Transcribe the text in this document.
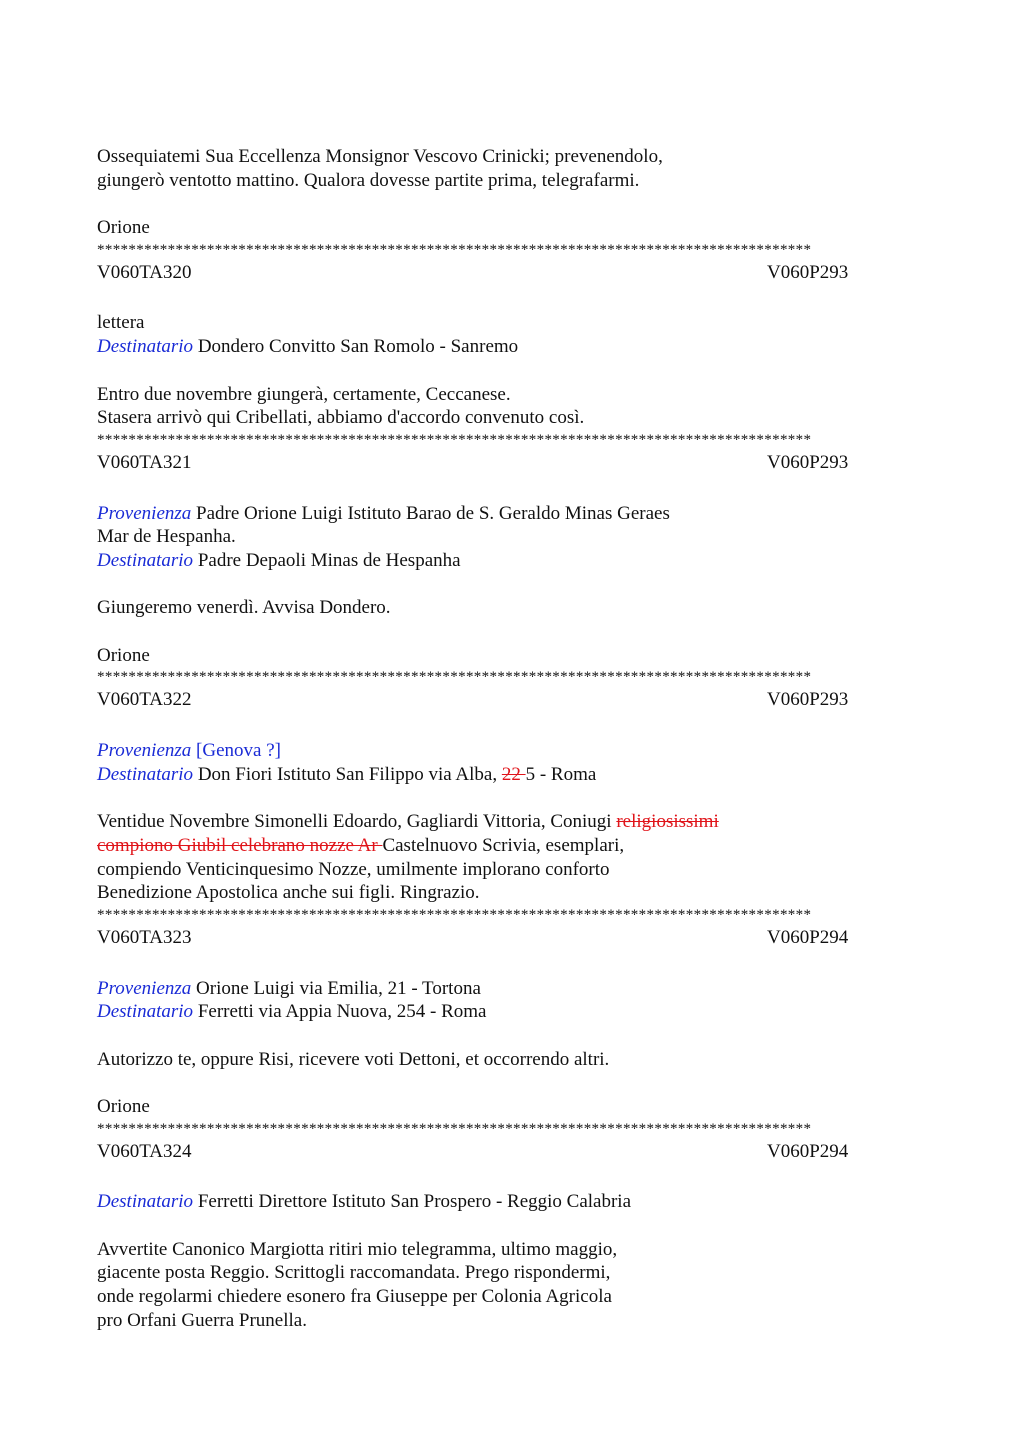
Ossequiatemi Sua Eccellenza Monsignor Vescovo Crinicki; prevenendolo,
giungerò ventotto mattino. Qualora dovesse partite prima, telegrafarmi.
Orione
*******************************************************************************************
V060TA320	V060P293
lettera
Destinatario Dondero Convitto San Romolo - Sanremo
Entro due novembre giungerà, certamente, Ceccanese.
Stasera arrivò qui Cribellati, abbiamo d'accordo convenuto così.
*******************************************************************************************
V060TA321	V060P293
Provenienza Padre Orione Luigi Istituto Barao de S. Geraldo Minas Geraes
Mar de Hespanha.
Destinatario Padre Depaoli Minas de Hespanha
Giungeremo venerdì. Avvisa Dondero.
Orione
*******************************************************************************************
V060TA322	V060P293
Provenienza [Genova ?]
Destinatario Don Fiori Istituto San Filippo via Alba, 22 5 - Roma
Ventidue Novembre Simonelli Edoardo, Gagliardi Vittoria, Coniugi religiosissimi
compiono Giubil celebrano nozze Ar Castelnuovo Scrivia, esemplari,
compiendo Venticinquesimo Nozze, umilmente implorano conforto
Benedizione Apostolica anche sui figli. Ringrazio.
*******************************************************************************************
V060TA323	V060P294
Provenienza Orione Luigi via Emilia, 21 - Tortona
Destinatario Ferretti via Appia Nuova, 254 - Roma
Autorizzo te, oppure Risi, ricevere voti Dettoni, et occorrendo altri.
Orione
*******************************************************************************************
V060TA324	V060P294
Destinatario Ferretti Direttore Istituto San Prospero - Reggio Calabria
Avvertite Canonico Margiotta ritiri mio telegramma, ultimo maggio,
giacente posta Reggio. Scrittogli raccomandata. Prego rispondermi,
onde regolarmi chiedere esonero fra Giuseppe per Colonia Agricola
pro Orfani Guerra Prunella.
